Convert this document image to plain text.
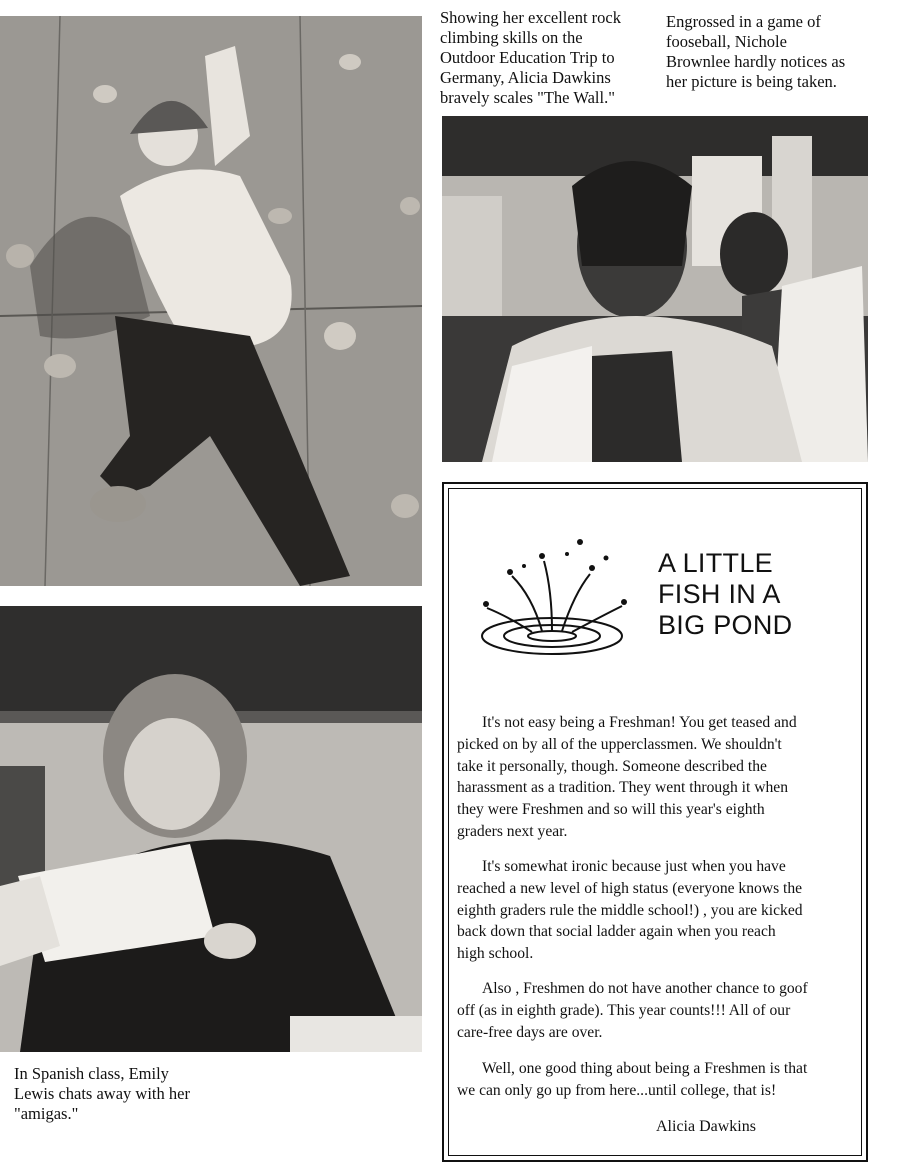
Showing her excellent rock
climbing skills on the
Outdoor Education Trip to
Germany, Alicia Dawkins
bravely scales "The Wall."
Engrossed in a game of
fooseball, Nichole
Brownlee hardly notices as
her picture is being taken.
In Spanish class, Emily
Lewis chats away with her
"amigas."
A LITTLE
FISH IN A
BIG POND
It's not easy being a Freshman! You get teased and
picked on by all of the upperclassmen. We shouldn't
take it personally, though. Someone described the
harassment as a tradition. They went through it when
they were Freshmen and so will this year's eighth
graders next year.
It's somewhat ironic because just when you have
reached a new level of high status (everyone knows the
eighth graders rule the middle school!) , you are kicked
back down that social ladder again when you reach
high school.
Also , Freshmen do not have another chance to goof
off (as in eighth grade). This year counts!!! All of our
care-free days are over.
Well, one good thing about being a Freshmen is that
we can only go up from here...until college, that is!
Alicia Dawkins
